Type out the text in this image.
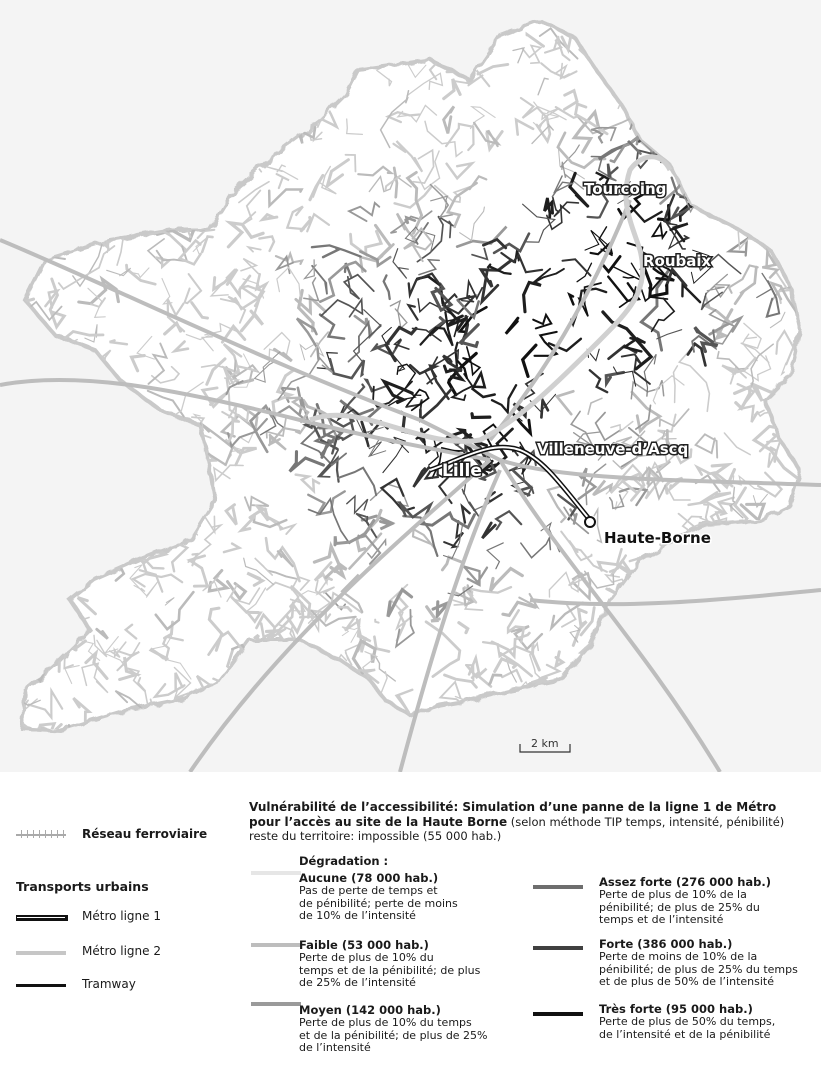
Tourcoing
Roubaix
Villeneuve-d’Ascq
Lille
Haute-Borne
2 km
Réseau ferroviaire
Transports urbains
Métro ligne 1
Métro ligne 2
Tramway
Vulnérabilité de l’accessibilité: Simulation d’une panne de la ligne 1 de Métro
pour l’accès au site de la Haute Borne (selon méthode TIP temps, intensité, pénibilité)
reste du territoire: impossible (55 000 hab.)
Dégradation :
Aucune (78 000 hab.)
Pas de perte de temps et
de pénibilité; perte de moins
de 10% de l’intensité
Faible (53 000 hab.)
Perte de plus de 10% du
temps et de la pénibilité; de plus
de 25% de l’intensité
Moyen (142 000 hab.)
Perte de plus de 10% du temps
et de la pénibilité; de plus de 25%
de l’intensité
Assez forte (276 000 hab.)
Perte de plus de 10% de la
pénibilité; de plus de 25% du
temps et de l’intensité
Forte (386 000 hab.)
Perte de moins de 10% de la
pénibilité; de plus de 25% du temps
et de plus de 50% de l’intensité
Très forte (95 000 hab.)
Perte de plus de 50% du temps,
de l’intensité et de la pénibilité
